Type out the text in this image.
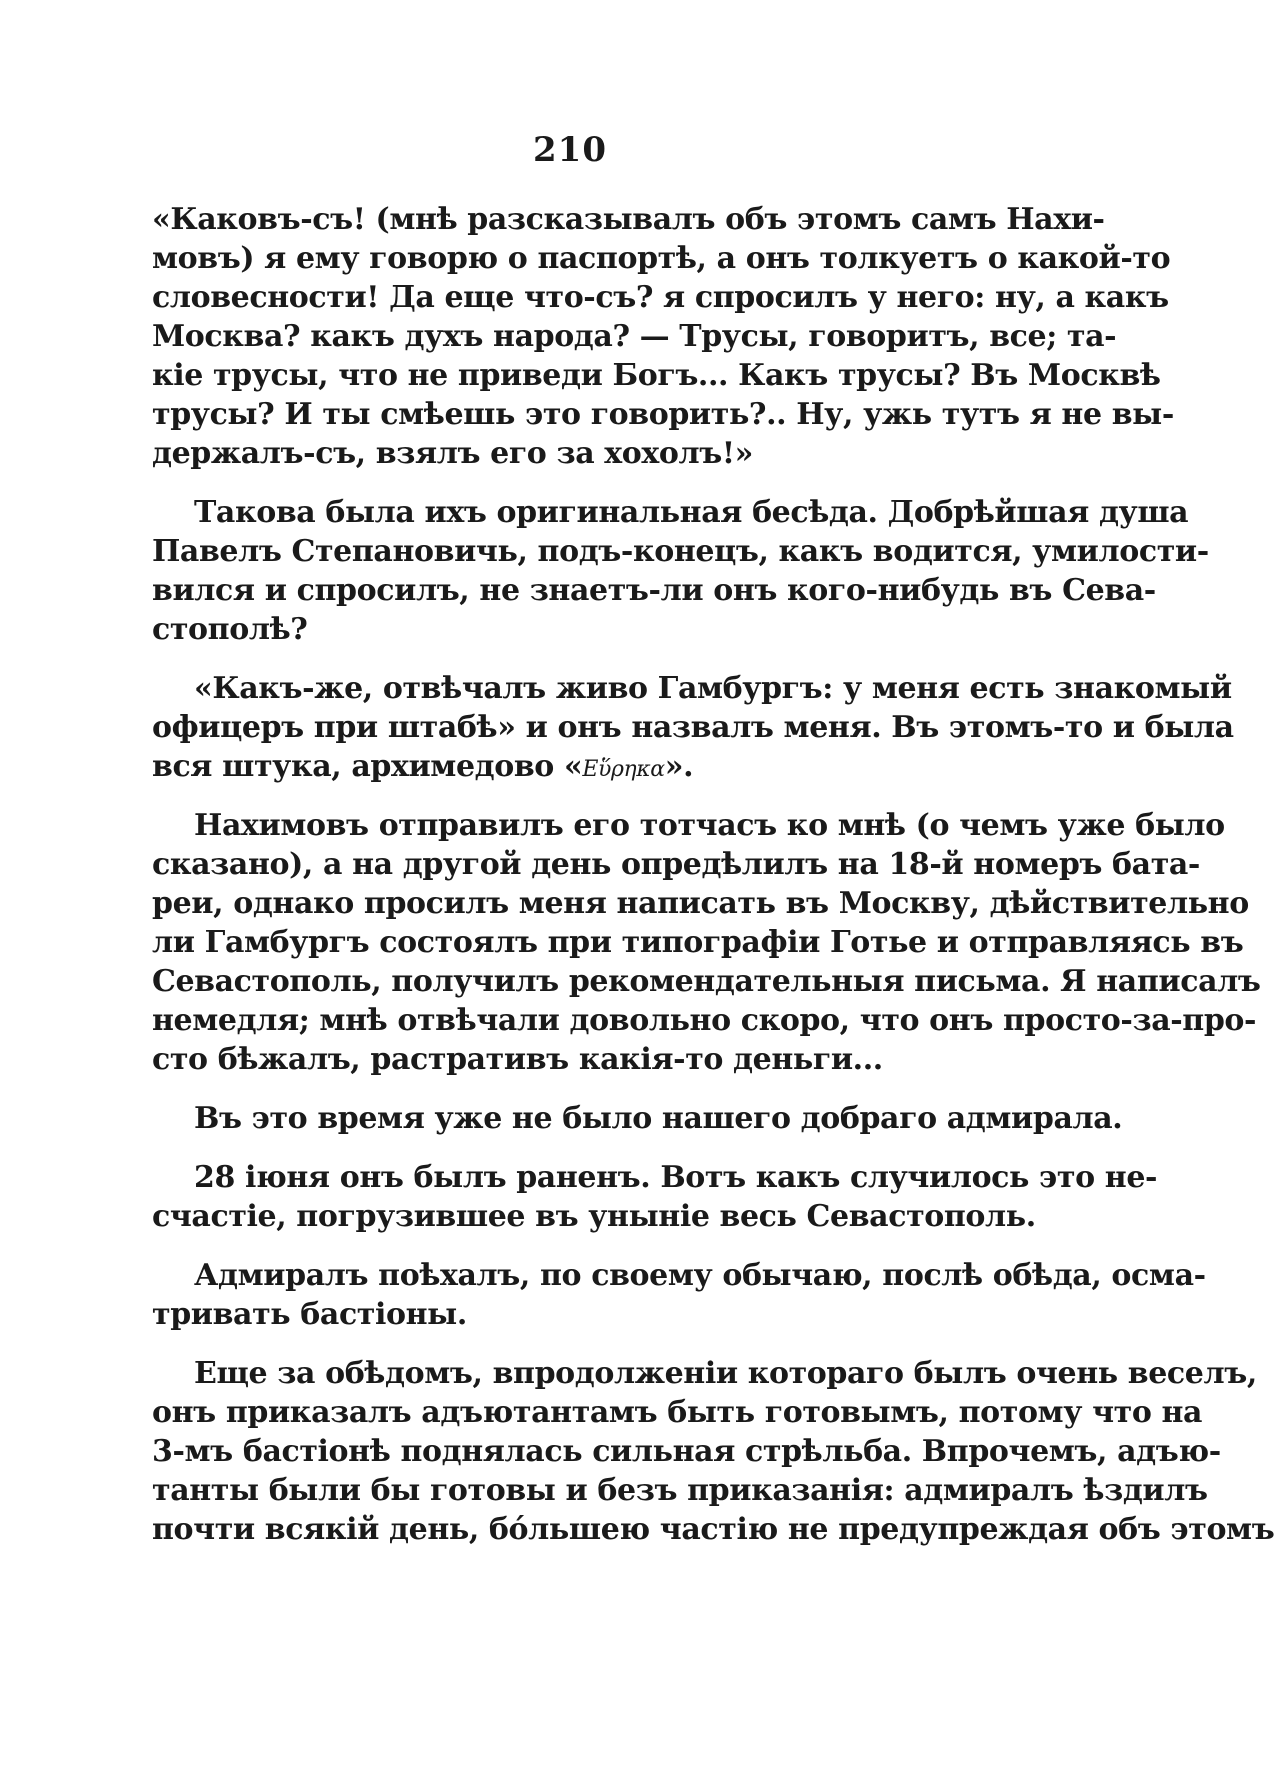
210
«Каковъ-съ! (мнѣ разсказывалъ объ этомъ самъ Нахи-
мовъ) я ему говорю о паспортѣ, а онъ толкуетъ о какой-то
словесности! Да еще что-съ? я спросилъ у него: ну, а какъ
Москва? какъ духъ народа? — Трусы, говоритъ, все; та-
кіе трусы, что не приведи Богъ... Какъ трусы? Въ Москвѣ
трусы? И ты смѣешь это говорить?.. Ну, ужь тутъ я не вы-
держалъ-съ, взялъ его за хохолъ!»
Такова была ихъ оригинальная бесѣда. Добрѣйшая душа
Павелъ Степановичь, подъ-конецъ, какъ водится, умилости-
вился и спросилъ, не знаетъ-ли онъ кого-нибудь въ Сева-
стополѣ?
«Какъ-же, отвѣчалъ живо Гамбургъ: у меня есть знакомый
офицеръ при штабѣ» и онъ назвалъ меня. Въ этомъ-то и была
вся штука, архимедово «Εὕρηκα».
Нахимовъ отправилъ его тотчасъ ко мнѣ (о чемъ уже было
сказано), а на другой день опредѣлилъ на 18-й номеръ бата-
реи, однако просилъ меня написать въ Москву, дѣйствительно
ли Гамбургъ состоялъ при типографіи Готье и отправляясь въ
Севастополь, получилъ рекомендательныя письма. Я написалъ
немедля; мнѣ отвѣчали довольно скоро, что онъ просто-за-про-
сто бѣжалъ, растративъ какія-то деньги...
Въ это время уже не было нашего добраго адмирала.
28 іюня онъ былъ раненъ. Вотъ какъ случилось это не-
счастіе, погрузившее въ уныніе весь Севастополь.
Адмиралъ поѣхалъ, по своему обычаю, послѣ обѣда, осма-
тривать бастіоны.
Еще за обѣдомъ, впродолженіи котораго былъ очень веселъ,
онъ приказалъ адъютантамъ быть готовымъ, потому что на
3-мъ бастіонѣ поднялась сильная стрѣльба. Впрочемъ, адъю-
танты были бы готовы и безъ приказанія: адмиралъ ѣздилъ
почти всякій день, бо́льшею частію не предупреждая объ этомъ
